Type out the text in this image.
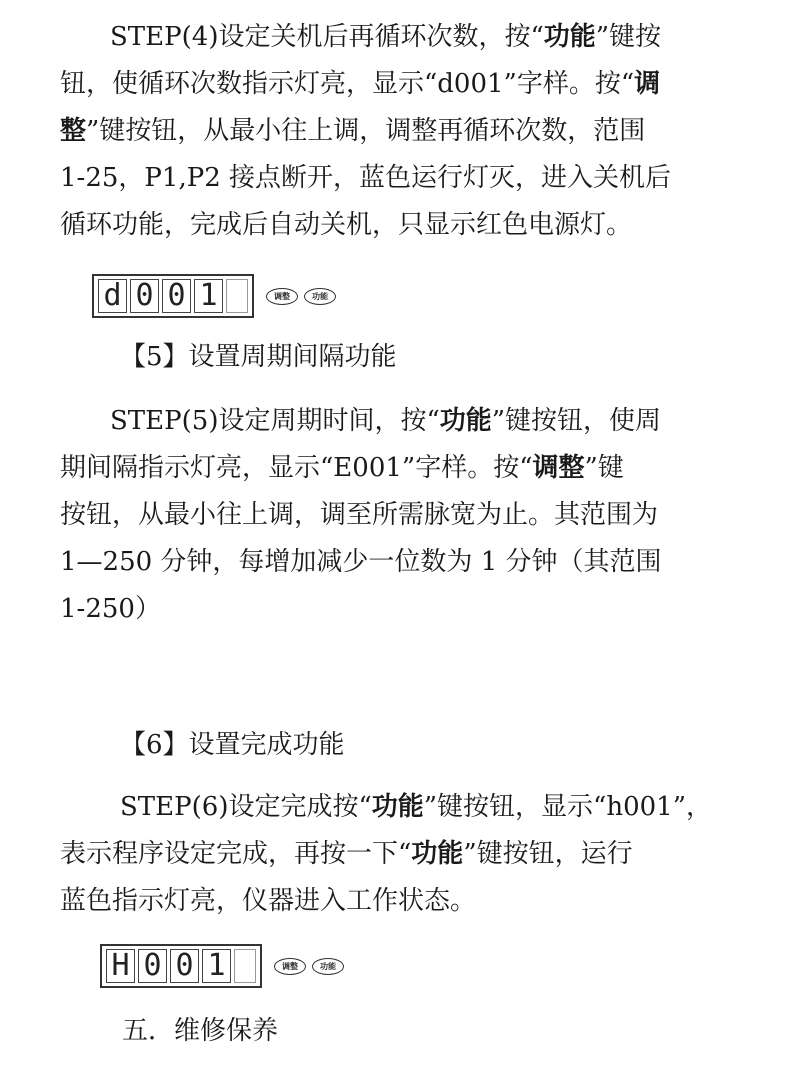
STEP(4)设定关机后再循环次数，按“功能”键按
钮，使循环次数指示灯亮，显示“d001”字样。按“调
整”键按钮，从最小往上调，调整再循环次数，范围
1-25，P1,P2 接点断开，蓝色运行灯灭，进入关机后
循环功能，完成后自动关机，只显示红色电源灯。
d 0 0 1	调整	功能
【5】设置周期间隔功能
STEP(5)设定周期时间，按“功能”键按钮，使周
期间隔指示灯亮，显示“E001”字样。按“调整”键
按钮，从最小往上调，调至所需脉宽为止。其范围为
1—250 分钟，每增加减少一位数为 1 分钟（其范围
1-250）
【6】设置完成功能
STEP(6)设定完成按“功能”键按钮，显示“h001”，
表示程序设定完成，再按一下“功能”键按钮，运行
蓝色指示灯亮，仪器进入工作状态。
H 0 0 1	调整	功能
五．维修保养
